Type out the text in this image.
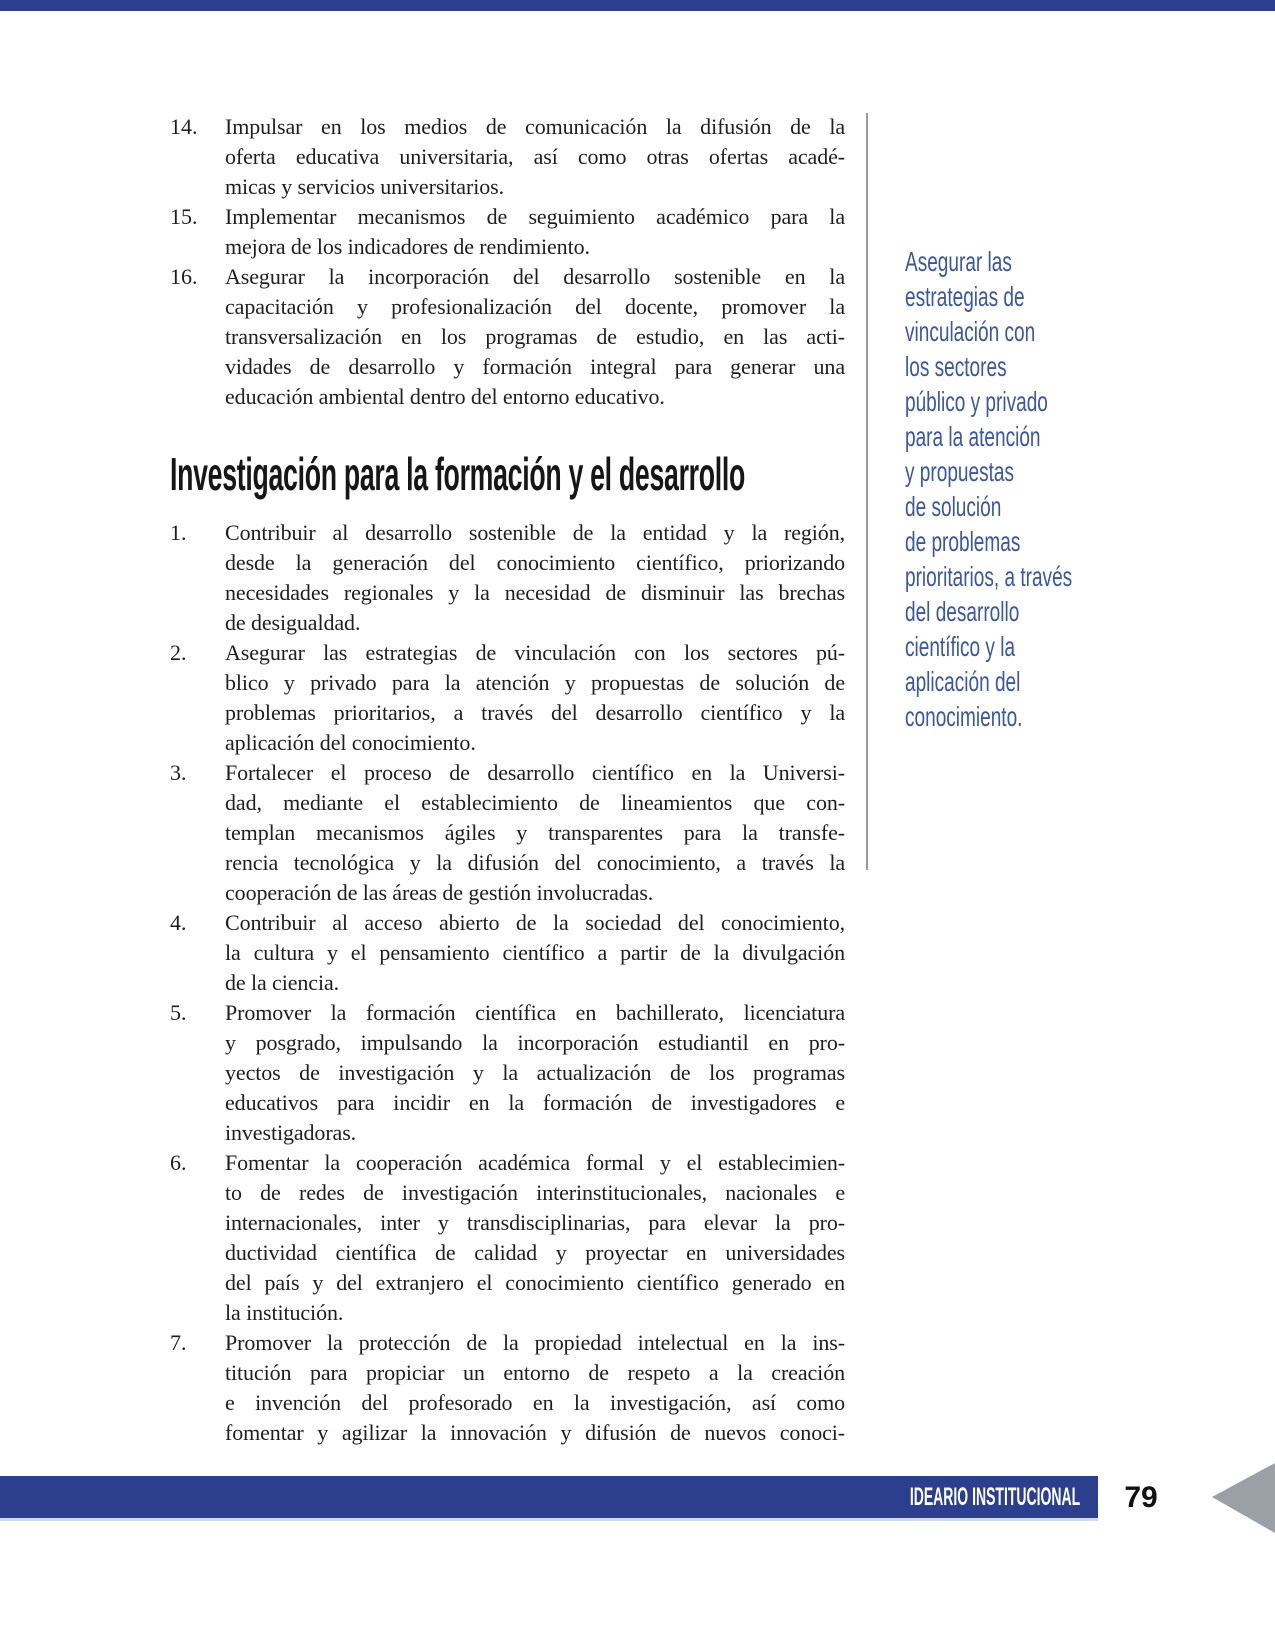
14.	Impulsar en los medios de comunicación la difusión de la
oferta educativa universitaria, así como otras ofertas acadé-
micas y servicios universitarios.
15.	Implementar mecanismos de seguimiento académico para la
mejora de los indicadores de rendimiento.
16.	Asegurar la incorporación del desarrollo sostenible en la
capacitación y profesionalización del docente, promover la
transversalización en los programas de estudio, en las acti-
vidades de desarrollo y formación integral para generar una
educación ambiental dentro del entorno educativo.
Investigación para la formación y el desarrollo
1.	Contribuir al desarrollo sostenible de la entidad y la región,
desde la generación del conocimiento científico, priorizando
necesidades regionales y la necesidad de disminuir las brechas
de desigualdad.
2.	Asegurar las estrategias de vinculación con los sectores pú-
blico y privado para la atención y propuestas de solución de
problemas prioritarios, a través del desarrollo científico y la
aplicación del conocimiento.
3.	Fortalecer el proceso de desarrollo científico en la Universi-
dad, mediante el establecimiento de lineamientos que con-
templan mecanismos ágiles y transparentes para la transfe-
rencia tecnológica y la difusión del conocimiento, a través la
cooperación de las áreas de gestión involucradas.
4.	Contribuir al acceso abierto de la sociedad del conocimiento,
la cultura y el pensamiento científico a partir de la divulgación
de la ciencia.
5.	Promover la formación científica en bachillerato, licenciatura
y posgrado, impulsando la incorporación estudiantil en pro-
yectos de investigación y la actualización de los programas
educativos para incidir en la formación de investigadores e
investigadoras.
6.	Fomentar la cooperación académica formal y el establecimien-
to de redes de investigación interinstitucionales, nacionales e
internacionales, inter y transdisciplinarias, para elevar la pro-
ductividad científica de calidad y proyectar en universidades
del país y del extranjero el conocimiento científico generado en
la institución.
7.	Promover la protección de la propiedad intelectual en la ins-
titución para propiciar un entorno de respeto a la creación
e invención del profesorado en la investigación, así como
fomentar y agilizar la innovación y difusión de nuevos conoci-
Asegurar las
estrategias de
vinculación con
los sectores
público y privado
para la atención
y propuestas
de solución
de problemas
prioritarios, a través
del desarrollo
científico y la
aplicación del
conocimiento.
IDEARIO INSTITUCIONAL	79
